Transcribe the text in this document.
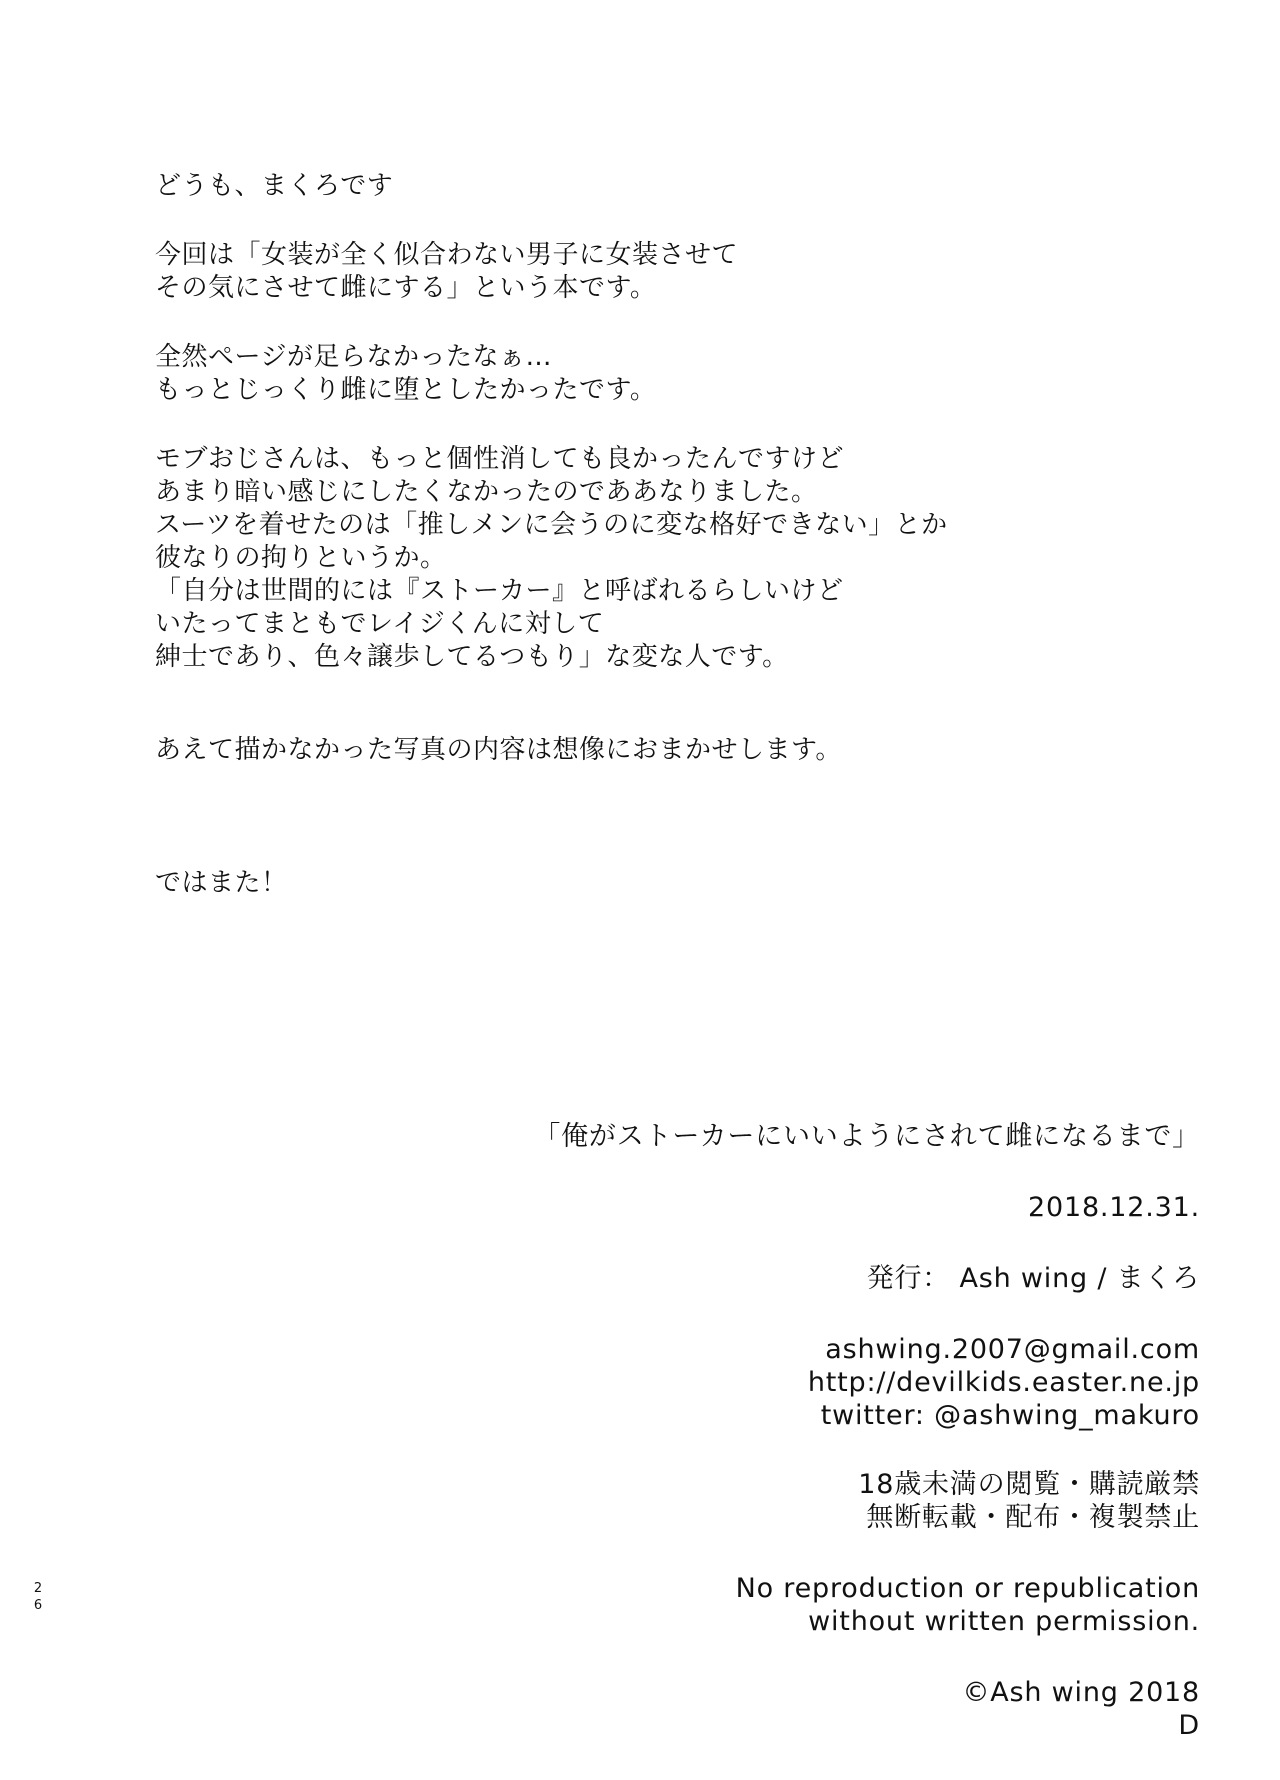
どうも、まくろです

今回は「女装が全く似合わない男子に女装させて
その気にさせて雌にする」という本です。

全然ページが足らなかったなぁ…
もっとじっくり雌に堕としたかったです。

モブおじさんは、もっと個性消しても良かったんですけど
あまり暗い感じにしたくなかったのでああなりました。
スーツを着せたのは「推しメンに会うのに変な格好できない」とか
彼なりの拘りというか。
「自分は世間的には『ストーカー』と呼ばれるらしいけど
いたってまともでレイジくんに対して
紳士であり、色々譲歩してるつもり」な変な人です。

あえて描かなかった写真の内容は想像におまかせします。

ではまた！

「俺がストーカーにいいようにされて雌になるまで」
2018.12.31.
発行： Ash wing / まくろ
ashwing.2007@gmail.com
http://devilkids.easter.ne.jp
twitter: @ashwing_makuro
18歳未満の閲覧・購読厳禁
無断転載・配布・複製禁止
No reproduction or republication
without written permission.
©Ash wing 2018
D
26
